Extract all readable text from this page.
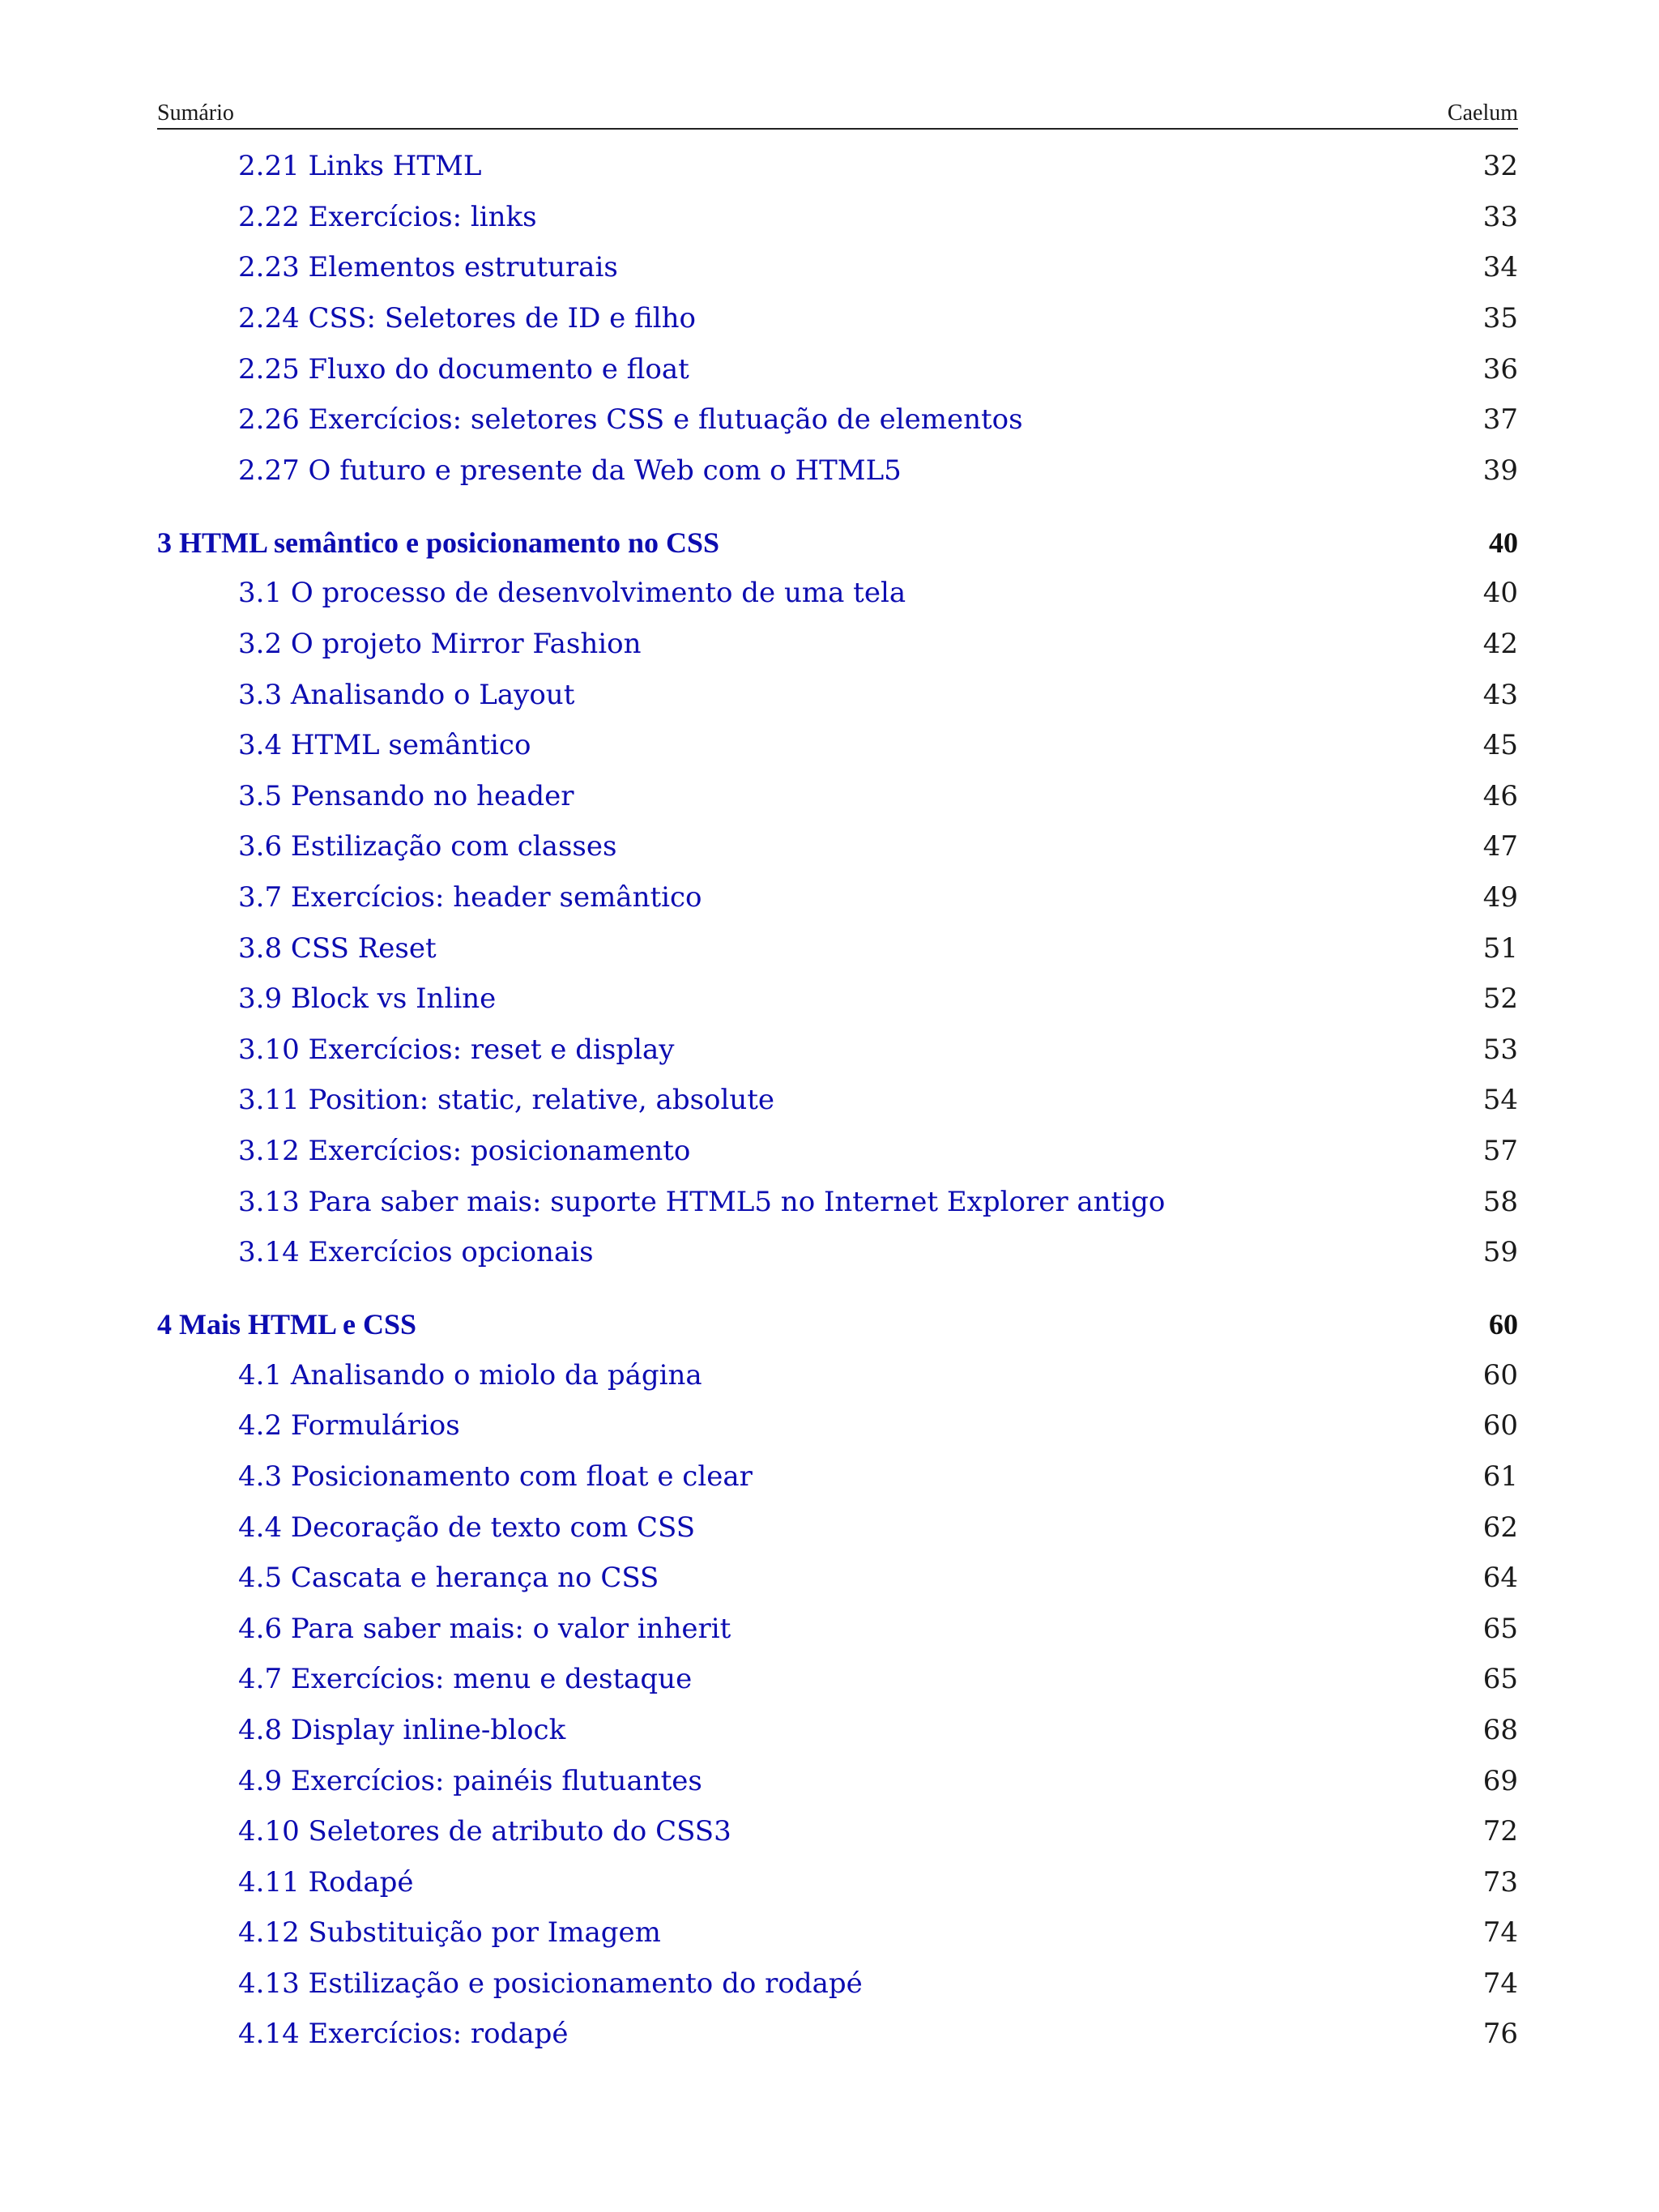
Sumário	Caelum
2.21 Links HTML	32
2.22 Exercícios: links	33
2.23 Elementos estruturais	34
2.24 CSS: Seletores de ID e filho	35
2.25 Fluxo do documento e float	36
2.26 Exercícios: seletores CSS e flutuação de elementos	37
2.27 O futuro e presente da Web com o HTML5	39
3 HTML semântico e posicionamento no CSS	40
3.1 O processo de desenvolvimento de uma tela	40
3.2 O projeto Mirror Fashion	42
3.3 Analisando o Layout	43
3.4 HTML semântico	45
3.5 Pensando no header	46
3.6 Estilização com classes	47
3.7 Exercícios: header semântico	49
3.8 CSS Reset	51
3.9 Block vs Inline	52
3.10 Exercícios: reset e display	53
3.11 Position: static, relative, absolute	54
3.12 Exercícios: posicionamento	57
3.13 Para saber mais: suporte HTML5 no Internet Explorer antigo	58
3.14 Exercícios opcionais	59
4 Mais HTML e CSS	60
4.1 Analisando o miolo da página	60
4.2 Formulários	60
4.3 Posicionamento com float e clear	61
4.4 Decoração de texto com CSS	62
4.5 Cascata e herança no CSS	64
4.6 Para saber mais: o valor inherit	65
4.7 Exercícios: menu e destaque	65
4.8 Display inline-block	68
4.9 Exercícios: painéis flutuantes	69
4.10 Seletores de atributo do CSS3	72
4.11 Rodapé	73
4.12 Substituição por Imagem	74
4.13 Estilização e posicionamento do rodapé	74
4.14 Exercícios: rodapé	76
